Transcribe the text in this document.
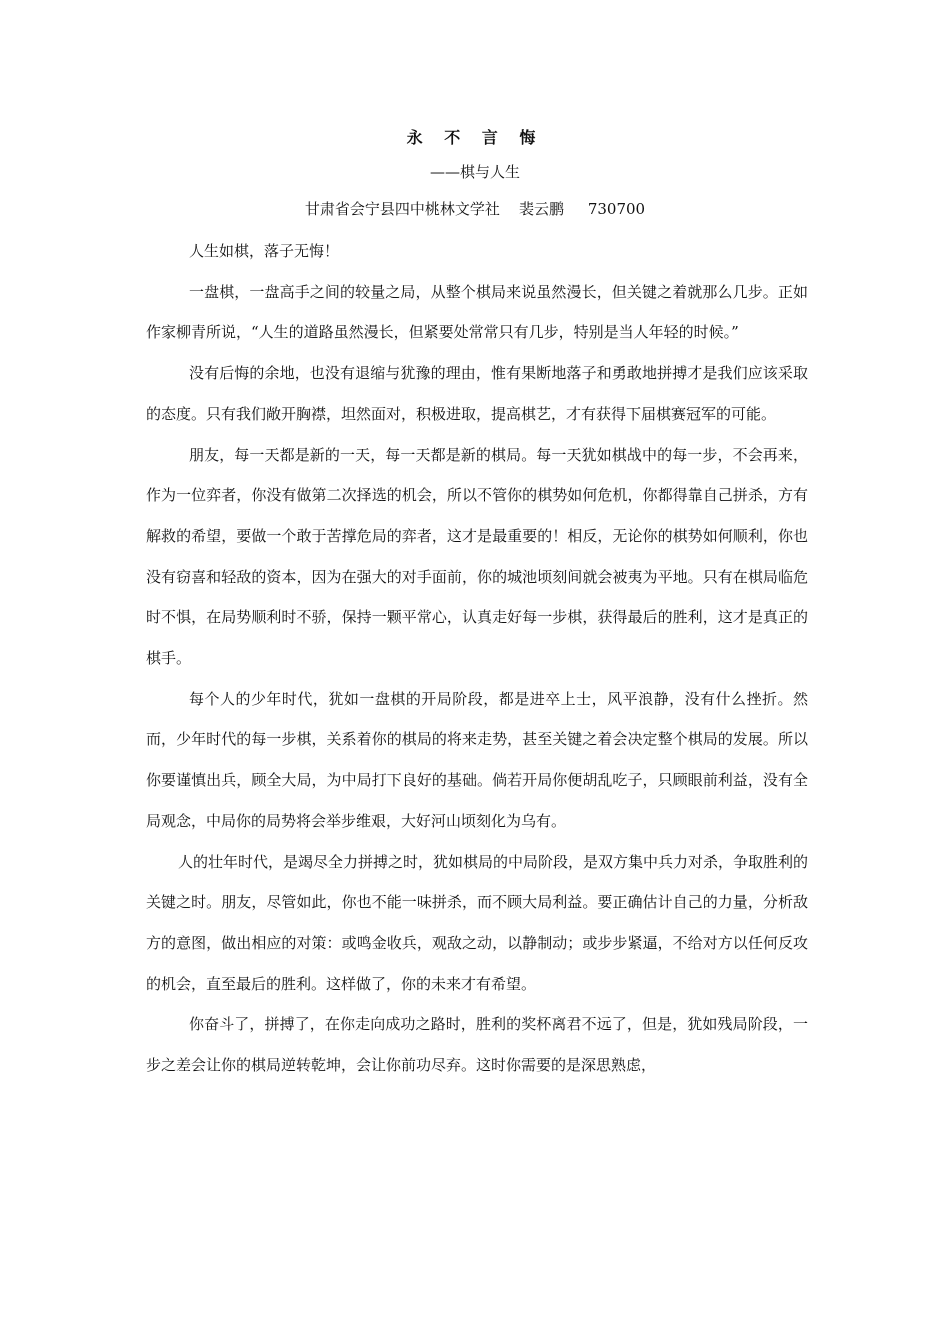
永 不 言 悔

——棋与人生

甘肃省会宁县四中桃林文学社    裴云鹏     730700

人生如棋，落子无悔！

一盘棋，一盘高手之间的较量之局，从整个棋局来说虽然漫长，但关键之着就那么几步。正如作家柳青所说，“人生的道路虽然漫长，但紧要处常常只有几步，特别是当人年轻的时候。”

没有后悔的余地，也没有退缩与犹豫的理由，惟有果断地落子和勇敢地拼搏才是我们应该采取的态度。只有我们敞开胸襟，坦然面对，积极进取，提高棋艺，才有获得下届棋赛冠军的可能。

朋友，每一天都是新的一天，每一天都是新的棋局。每一天犹如棋战中的每一步，不会再来，作为一位弈者，你没有做第二次择选的机会，所以不管你的棋势如何危机，你都得靠自己拼杀，方有解救的希望，要做一个敢于苦撑危局的弈者，这才是最重要的！相反，无论你的棋势如何顺利，你也没有窃喜和轻敌的资本，因为在强大的对手面前，你的城池顷刻间就会被夷为平地。只有在棋局临危时不惧，在局势顺利时不骄，保持一颗平常心，认真走好每一步棋，获得最后的胜利，这才是真正的棋手。

每个人的少年时代，犹如一盘棋的开局阶段，都是进卒上士，风平浪静，没有什么挫折。然而，少年时代的每一步棋，关系着你的棋局的将来走势，甚至关键之着会决定整个棋局的发展。所以你要谨慎出兵，顾全大局，为中局打下良好的基础。倘若开局你便胡乱吃子，只顾眼前利益，没有全局观念，中局你的局势将会举步维艰，大好河山顷刻化为乌有。

人的壮年时代，是竭尽全力拼搏之时，犹如棋局的中局阶段，是双方集中兵力对杀，争取胜利的关键之时。朋友，尽管如此，你也不能一味拼杀，而不顾大局利益。要正确估计自己的力量，分析敌方的意图，做出相应的对策：或鸣金收兵，观敌之动，以静制动；或步步紧逼，不给对方以任何反攻的机会，直至最后的胜利。这样做了，你的未来才有希望。

你奋斗了，拼搏了，在你走向成功之路时，胜利的奖杯离君不远了，但是，犹如残局阶段，一步之差会让你的棋局逆转乾坤，会让你前功尽弃。这时你需要的是深思熟虑，
